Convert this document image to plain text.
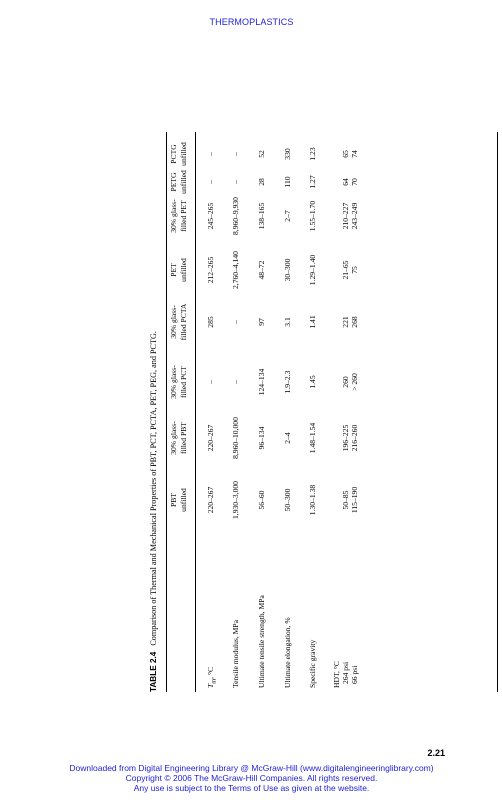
THERMOPLASTICS
TABLE 2.4Comparison of Thermal and Mechanical Properties of PBT, PCT, PCTA, PET, PEG, and PCTG. PBT unfilled
30% glass- filled PBT
30% glass- filled PCT
30% glass- filled PCTA
PET unfilled
30% glass- filled PET
PETG unfilled
PCTG unfilled
$T_m$, °C
220–267
220–267
–
285
212–265
245–265
–
–
Tensile modulus, MPa
1,930–3,000
8,960–10,000
–
–
2,760–4,140
8,960–9,930
–
–
Ultimate tensile strength, MPa
56–60
96–134
124–134
97
48–72
138–165
28
52
Ultimate elongation, %
50–300
2–4
1.9–2.3
3.1
30–300
2–7
110
330
Specific gravity
1.30–1.38
1.48–1.54
1.45
1.41
1.29–1.40
1.55–1.70
1.27
1.23
HDT, °C 264 psi
50–85
196–225
260
221
21–65
210–227
64
65
66 psi
115–190
216–260
> 260
268
75
243–249
70
74
2.21
Downloaded from Digital Engineering Library @ McGraw-Hill (www.digitalengineeringlibrary.com)
Copyright © 2006 The McGraw-Hill Companies. All rights reserved.
Any use is subject to the Terms of Use as given at the website.
